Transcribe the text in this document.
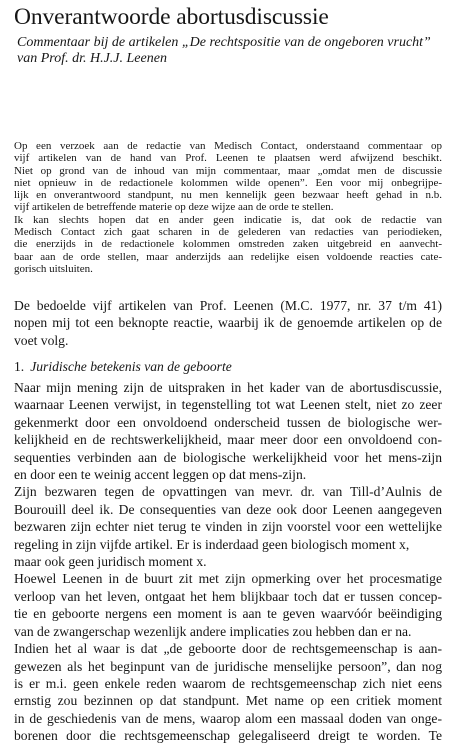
Onverantwoorde abortusdiscussie
Commentaar bij de artikelen „De rechtspositie van de ongeboren vrucht”
van Prof. dr. H.J.J. Leenen
Op een verzoek aan de redactie van Medisch Contact, onderstaand commentaar op
vijf artikelen van de hand van Prof. Leenen te plaatsen werd afwijzend beschikt.
Niet op grond van de inhoud van mijn commentaar, maar „omdat men de discussie
niet opnieuw in de redactionele kolommen wilde openen”. Een voor mij onbegrijpe-
lijk en onverantwoord standpunt, nu men kennelijk geen bezwaar heeft gehad in n.b.
vijf artikelen de betreffende materie op deze wijze aan de orde te stellen.
Ik kan slechts hopen dat en ander geen indicatie is, dat ook de redactie van
Medisch Contact zich gaat scharen in de gelederen van redacties van periodieken,
die enerzijds in de redactionele kolommen omstreden zaken uitgebreid en aanvecht-
baar aan de orde stellen, maar anderzijds aan redelijke eisen voldoende reacties cate-
gorisch uitsluiten.
De bedoelde vijf artikelen van Prof. Leenen (M.C. 1977, nr. 37 t/m 41)
nopen mij tot een beknopte reactie, waarbij ik de genoemde artikelen op de
voet volg.
1. Juridische betekenis van de geboorte
Naar mijn mening zijn de uitspraken in het kader van de abortusdiscussie,
waarnaar Leenen verwijst, in tegenstelling tot wat Leenen stelt, niet zo zeer
gekenmerkt door een onvoldoend onderscheid tussen de biologische wer-
kelijkheid en de rechtswerkelijkheid, maar meer door een onvoldoend con-
sequenties verbinden aan de biologische werkelijkheid voor het mens-zijn
en door een te weinig accent leggen op dat mens-zijn.
Zijn bezwaren tegen de opvattingen van mevr. dr. van Till-d’Aulnis de
Bourouill deel ik. De consequenties van deze ook door Leenen aangegeven
bezwaren zijn echter niet terug te vinden in zijn voorstel voor een wettelijke
regeling in zijn vijfde artikel. Er is inderdaad geen biologisch moment x,
maar ook geen juridisch moment x.
Hoewel Leenen in de buurt zit met zijn opmerking over het procesmatige
verloop van het leven, ontgaat het hem blijkbaar toch dat er tussen concep-
tie en geboorte nergens een moment is aan te geven waarvóór beëindiging
van de zwangerschap wezenlijk andere implicaties zou hebben dan er na.
Indien het al waar is dat „de geboorte door de rechtsgemeenschap is aan-
gewezen als het beginpunt van de juridische menselijke persoon”, dan nog
is er m.i. geen enkele reden waarom de rechtsgemeenschap zich niet eens
ernstig zou bezinnen op dat standpunt. Met name op een critiek moment
in de geschiedenis van de mens, waarop alom een massaal doden van onge-
borenen door die rechtsgemeenschap gelegaliseerd dreigt te worden. Te
